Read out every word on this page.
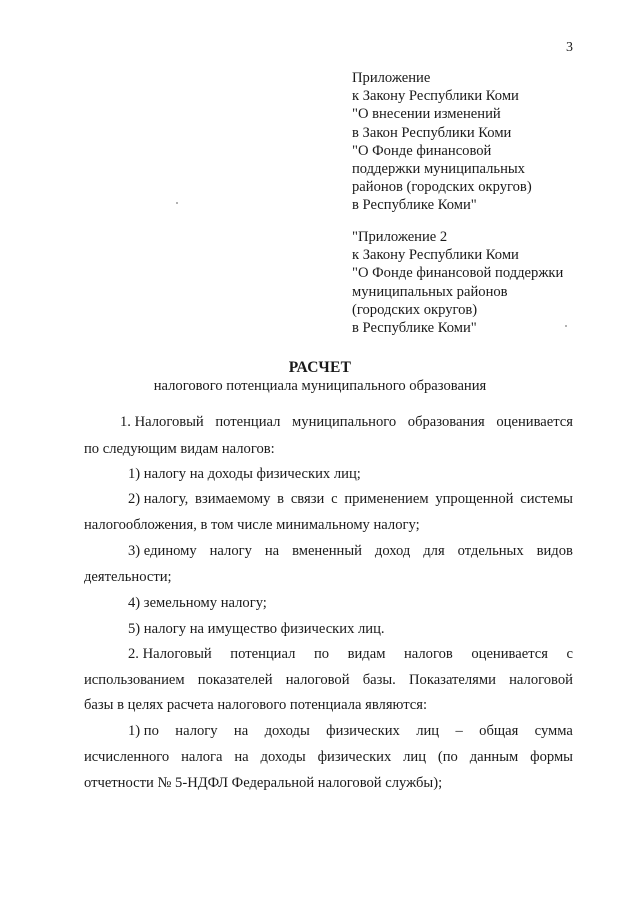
3
Приложение
к Закону Республики Коми
"О внесении изменений
в Закон Республики Коми
"О Фонде финансовой
поддержки муниципальных
районов (городских округов)
в Республике Коми"
"Приложение 2
к Закону Республики Коми
"О Фонде финансовой поддержки
муниципальных районов
(городских округов)
в Республике Коми"
РАСЧЕТ
налогового потенциала муниципального образования
1. Налоговый потенциал муниципального образования оценивается
по следующим видам налогов:
1) налогу на доходы физических лиц;
2) налогу, взимаемому в связи с применением упрощенной системы
налогообложения, в том числе минимальному налогу;
3) единому налогу на вмененный доход для отдельных видов
деятельности;
4) земельному налогу;
5) налогу на имущество физических лиц.
2. Налоговый потенциал по видам налогов оценивается с
использованием показателей налоговой базы. Показателями налоговой
базы в целях расчета налогового потенциала являются:
1) по налогу на доходы физических лиц – общая сумма
исчисленного налога на доходы физических лиц (по данным формы
отчетности № 5-НДФЛ Федеральной налоговой службы);
